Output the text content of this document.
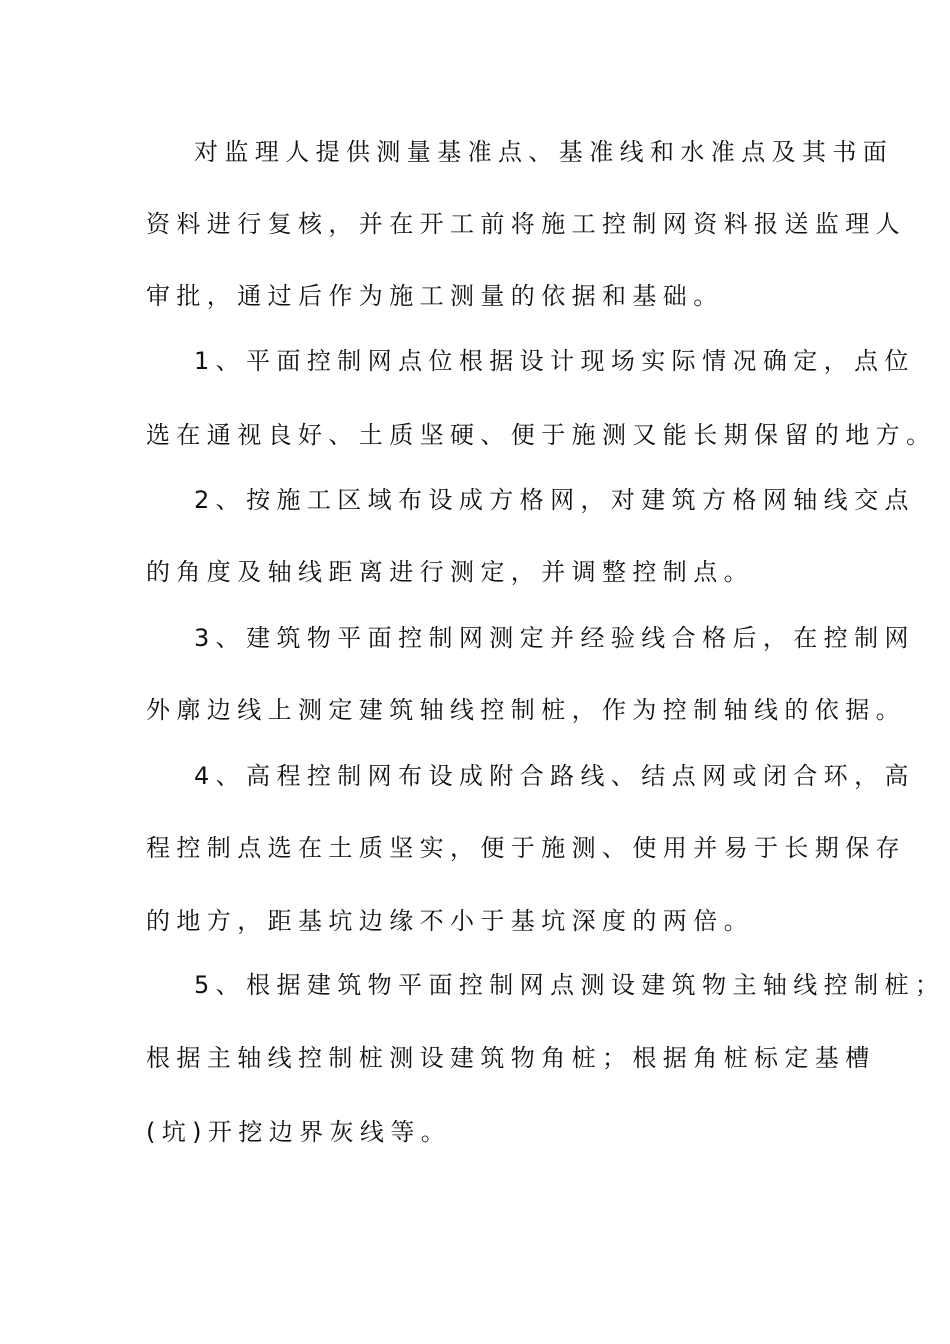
对监理人提供测量基准点、基准线和水准点及其书面
资料进行复核，并在开工前将施工控制网资料报送监理人
审批，通过后作为施工测量的依据和基础。
1、平面控制网点位根据设计现场实际情况确定，点位
选在通视良好、土质坚硬、便于施测又能长期保留的地方。
2、按施工区域布设成方格网，对建筑方格网轴线交点
的角度及轴线距离进行测定，并调整控制点。
3、建筑物平面控制网测定并经验线合格后，在控制网
外廓边线上测定建筑轴线控制桩，作为控制轴线的依据。
4、高程控制网布设成附合路线、结点网或闭合环，高
程控制点选在土质坚实，便于施测、使用并易于长期保存
的地方，距基坑边缘不小于基坑深度的两倍。
5、根据建筑物平面控制网点测设建筑物主轴线控制桩；
根据主轴线控制桩测设建筑物角桩；根据角桩标定基槽
(坑)开挖边界灰线等。
